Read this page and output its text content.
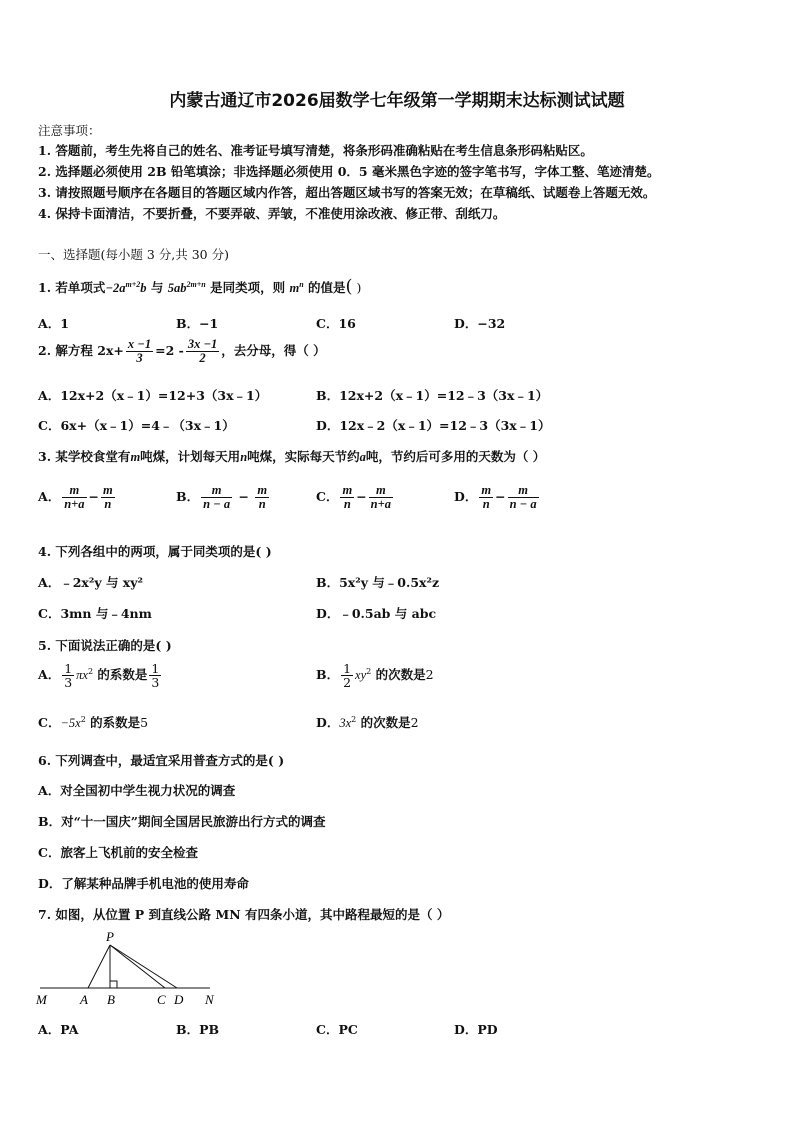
内蒙古通辽市2026届数学七年级第一学期期末达标测试试题
注意事项：
1. 答题前，考生先将自己的姓名、准考证号填写清楚，将条形码准确粘贴在考生信息条形码粘贴区。
2. 选择题必须使用 2B 铅笔填涂；非选择题必须使用 0．5 毫米黑色字迹的签字笔书写，字体工整、笔迹清楚。
3. 请按照题号顺序在各题目的答题区域内作答，超出答题区域书写的答案无效；在草稿纸、试题卷上答题无效。
4. 保持卡面清洁，不要折叠，不要弄破、弄皱，不准使用涂改液、修正带、刮纸刀。
一、选择题(每小题 3 分,共 30 分)
1. 若单项式$-2a^{m+2}b$ 与 $5ab^{2m+n}$ 是同类项，则 $m^n$ 的值是( )
A．1	B．−1	C．16	D．−32
2. 解方程 $2x+ \frac{x -1}{3} =2 - \frac{3x -1}{2}$ ，去分母，得（ ）
A．12x+2（x﹣1）=12+3（3x﹣1）	B．12x+2（x﹣1）=12﹣3（3x﹣1）
C．6x+（x﹣1）=4﹣（3x﹣1）	D．12x﹣2（x﹣1）=12﹣3（3x﹣1）
3. 某学校食堂有m吨煤，计划每天用n吨煤，实际每天节约a吨，节约后可多用的天数为（ ）
A． $\frac{m}{n+a} - \frac{m}{n}$	B． $\frac{m}{n - a} - \frac{m}{n}$	C． $\frac{m}{n} - \frac{m}{n+a}$	D． $\frac{m}{n} - \frac{m}{n - a}$
4. 下列各组中的两项，属于同类项的是( )
A．﹣2x²y 与 xy²	B．5x²y 与﹣0.5x²z
C．3mn 与﹣4nm	D．﹣0.5ab 与 abc
5. 下面说法正确的是( )
A． $\frac{1}{3} \pi x^2$ 的系数是 $\frac{1}{3}$	B． $\frac{1}{2} xy^2$ 的次数是2
C．$-5x^2$ 的系数是5	D．$3x^2$ 的次数是2
6. 下列调查中，最适宜采用普查方式的是( )
A．对全国初中学生视力状况的调查
B．对“十一国庆”期间全国居民旅游出行方式的调查
C．旅客上飞机前的安全检查
D．了解某种品牌手机电池的使用寿命
7. 如图，从位置 P 到直线公路 MN 有四条小道，其中路程最短的是（ ）
P
M	A B	C D N
A．PA	B．PB	C．PC	D．PD
